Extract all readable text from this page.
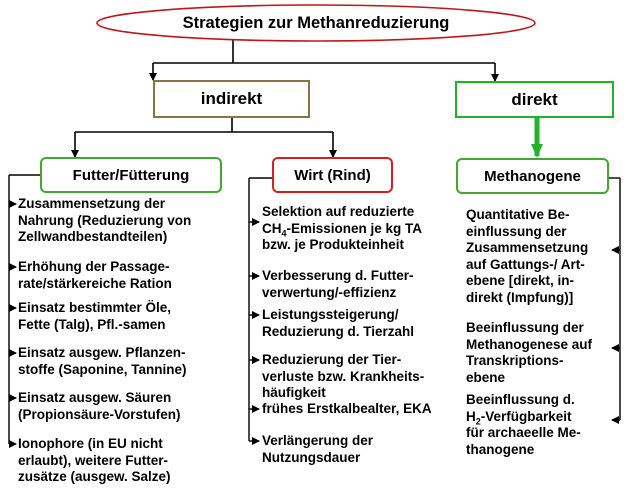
Strategien zur Methanreduzierung
indirekt	direkt
Futter/Fütterung	Wirt (Rind)	Methanogene

Zusammensetzung der
Nahrung (Reduzierung von
Zellwandbestandteilen)

Erhöhung der Passage-
rate/stärkereiche Ration

Einsatz bestimmter Öle,
Fette (Talg), Pfl.-samen

Einsatz ausgew. Pflanzen-
stoffe (Saponine, Tannine)

Einsatz ausgew. Säuren
(Propionsäure-Vorstufen)

Ionophore (in EU nicht
erlaubt), weitere Futter-
zusätze (ausgew. Salze)

Selektion auf reduzierte
$CH_4$-Emissionen je kg TA
bzw. je Produkteinheit

Verbesserung d. Futter-
verwertung/-effizienz

Leistungssteigerung/
Reduzierung d. Tierzahl

Reduzierung der Tier-
verluste bzw. Krankheits-
häufigkeit

frühes Erstkalbealter, EKA

Verlängerung der
Nutzungsdauer

Quantitative Be-
einflussung der
Zusammensetzung
auf Gattungs-/ Art-
ebene [direkt, in-
direkt (Impfung)]

Beeinflussung der
Methanogenese auf
Transkriptions-
ebene

Beeinflussung d.
$H_2$-Verfügbarkeit
für archaeelle Me-
thanogene
